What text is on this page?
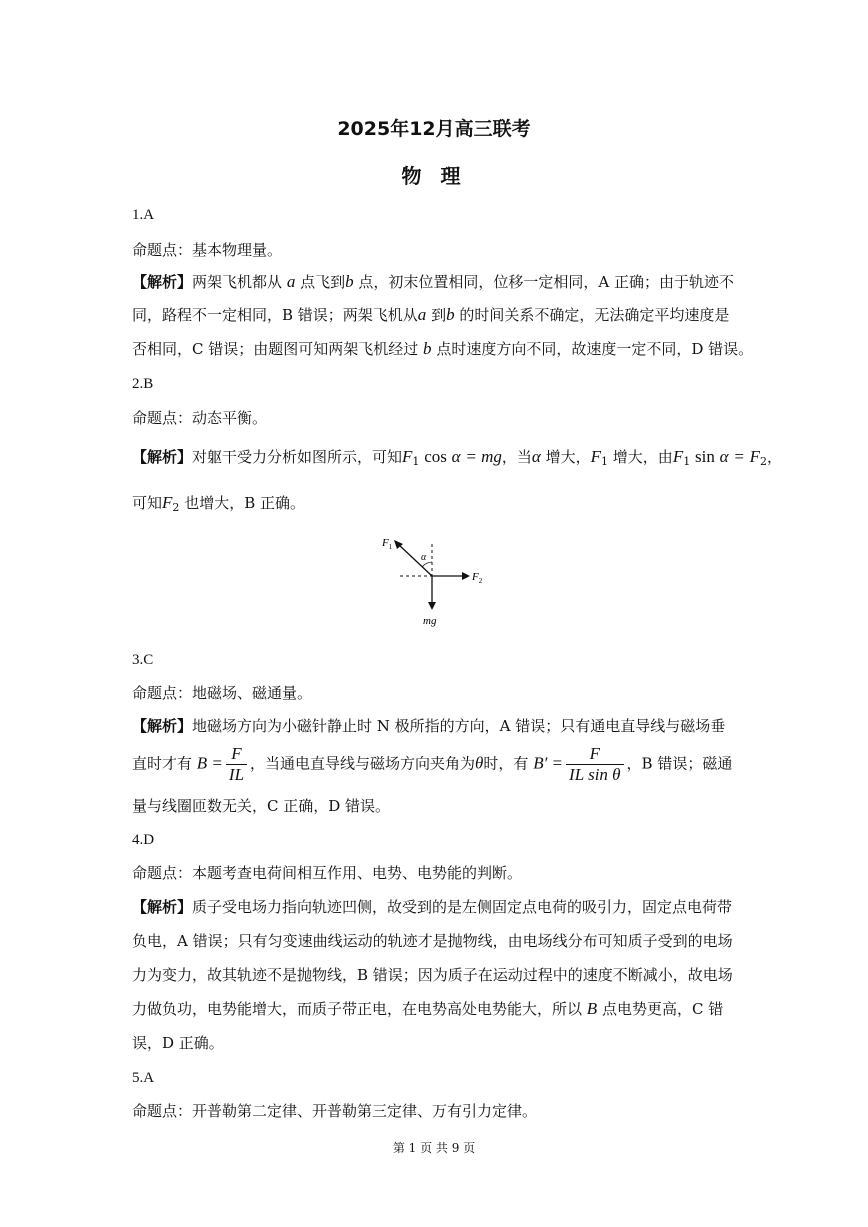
2025年12月高三联考
物 理
1.A
命题点：基本物理量。
【解析】两架飞机都从 a 点飞到b 点，初末位置相同，位移一定相同，A 正确；由于轨迹不
同，路程不一定相同，B 错误；两架飞机从a 到b 的时间关系不确定，无法确定平均速度是
否相同，C 错误；由题图可知两架飞机经过 b 点时速度方向不同，故速度一定不同，D 错误。
2.B
命题点：动态平衡。
【解析】对躯干受力分析如图所示，可知$F_1$ cos α = mg，当α 增大，$F_1$ 增大，由$F_1$ $\sin \alpha = F_2$，
可知$F_2$ 也增大，B 正确。
$F_1$
α
$F_2$
mg
3.C
命题点：地磁场、磁通量。
【解析】地磁场方向为小磁针静止时 N 极所指的方向，A 错误；只有通电直导线与磁场垂
直时才有 $B = \frac{F}{IL}$ ，当通电直导线与磁场方向夹角为θ时，有 $B' = \frac{F}{\text{IL sin θ}}$ ，B 错误；磁通
量与线圈匝数无关，C 正确，D 错误。
4.D
命题点：本题考查电荷间相互作用、电势、电势能的判断。
【解析】质子受电场力指向轨迹凹侧，故受到的是左侧固定点电荷的吸引力，固定点电荷带
负电，A 错误；只有匀变速曲线运动的轨迹才是抛物线，由电场线分布可知质子受到的电场
力为变力，故其轨迹不是抛物线，B 错误；因为质子在运动过程中的速度不断减小，故电场
力做负功，电势能增大，而质子带正电，在电势高处电势能大，所以 B 点电势更高，C 错
误，D 正确。
5.A
命题点：开普勒第二定律、开普勒第三定律、万有引力定律。
第 1 页 共 9 页
